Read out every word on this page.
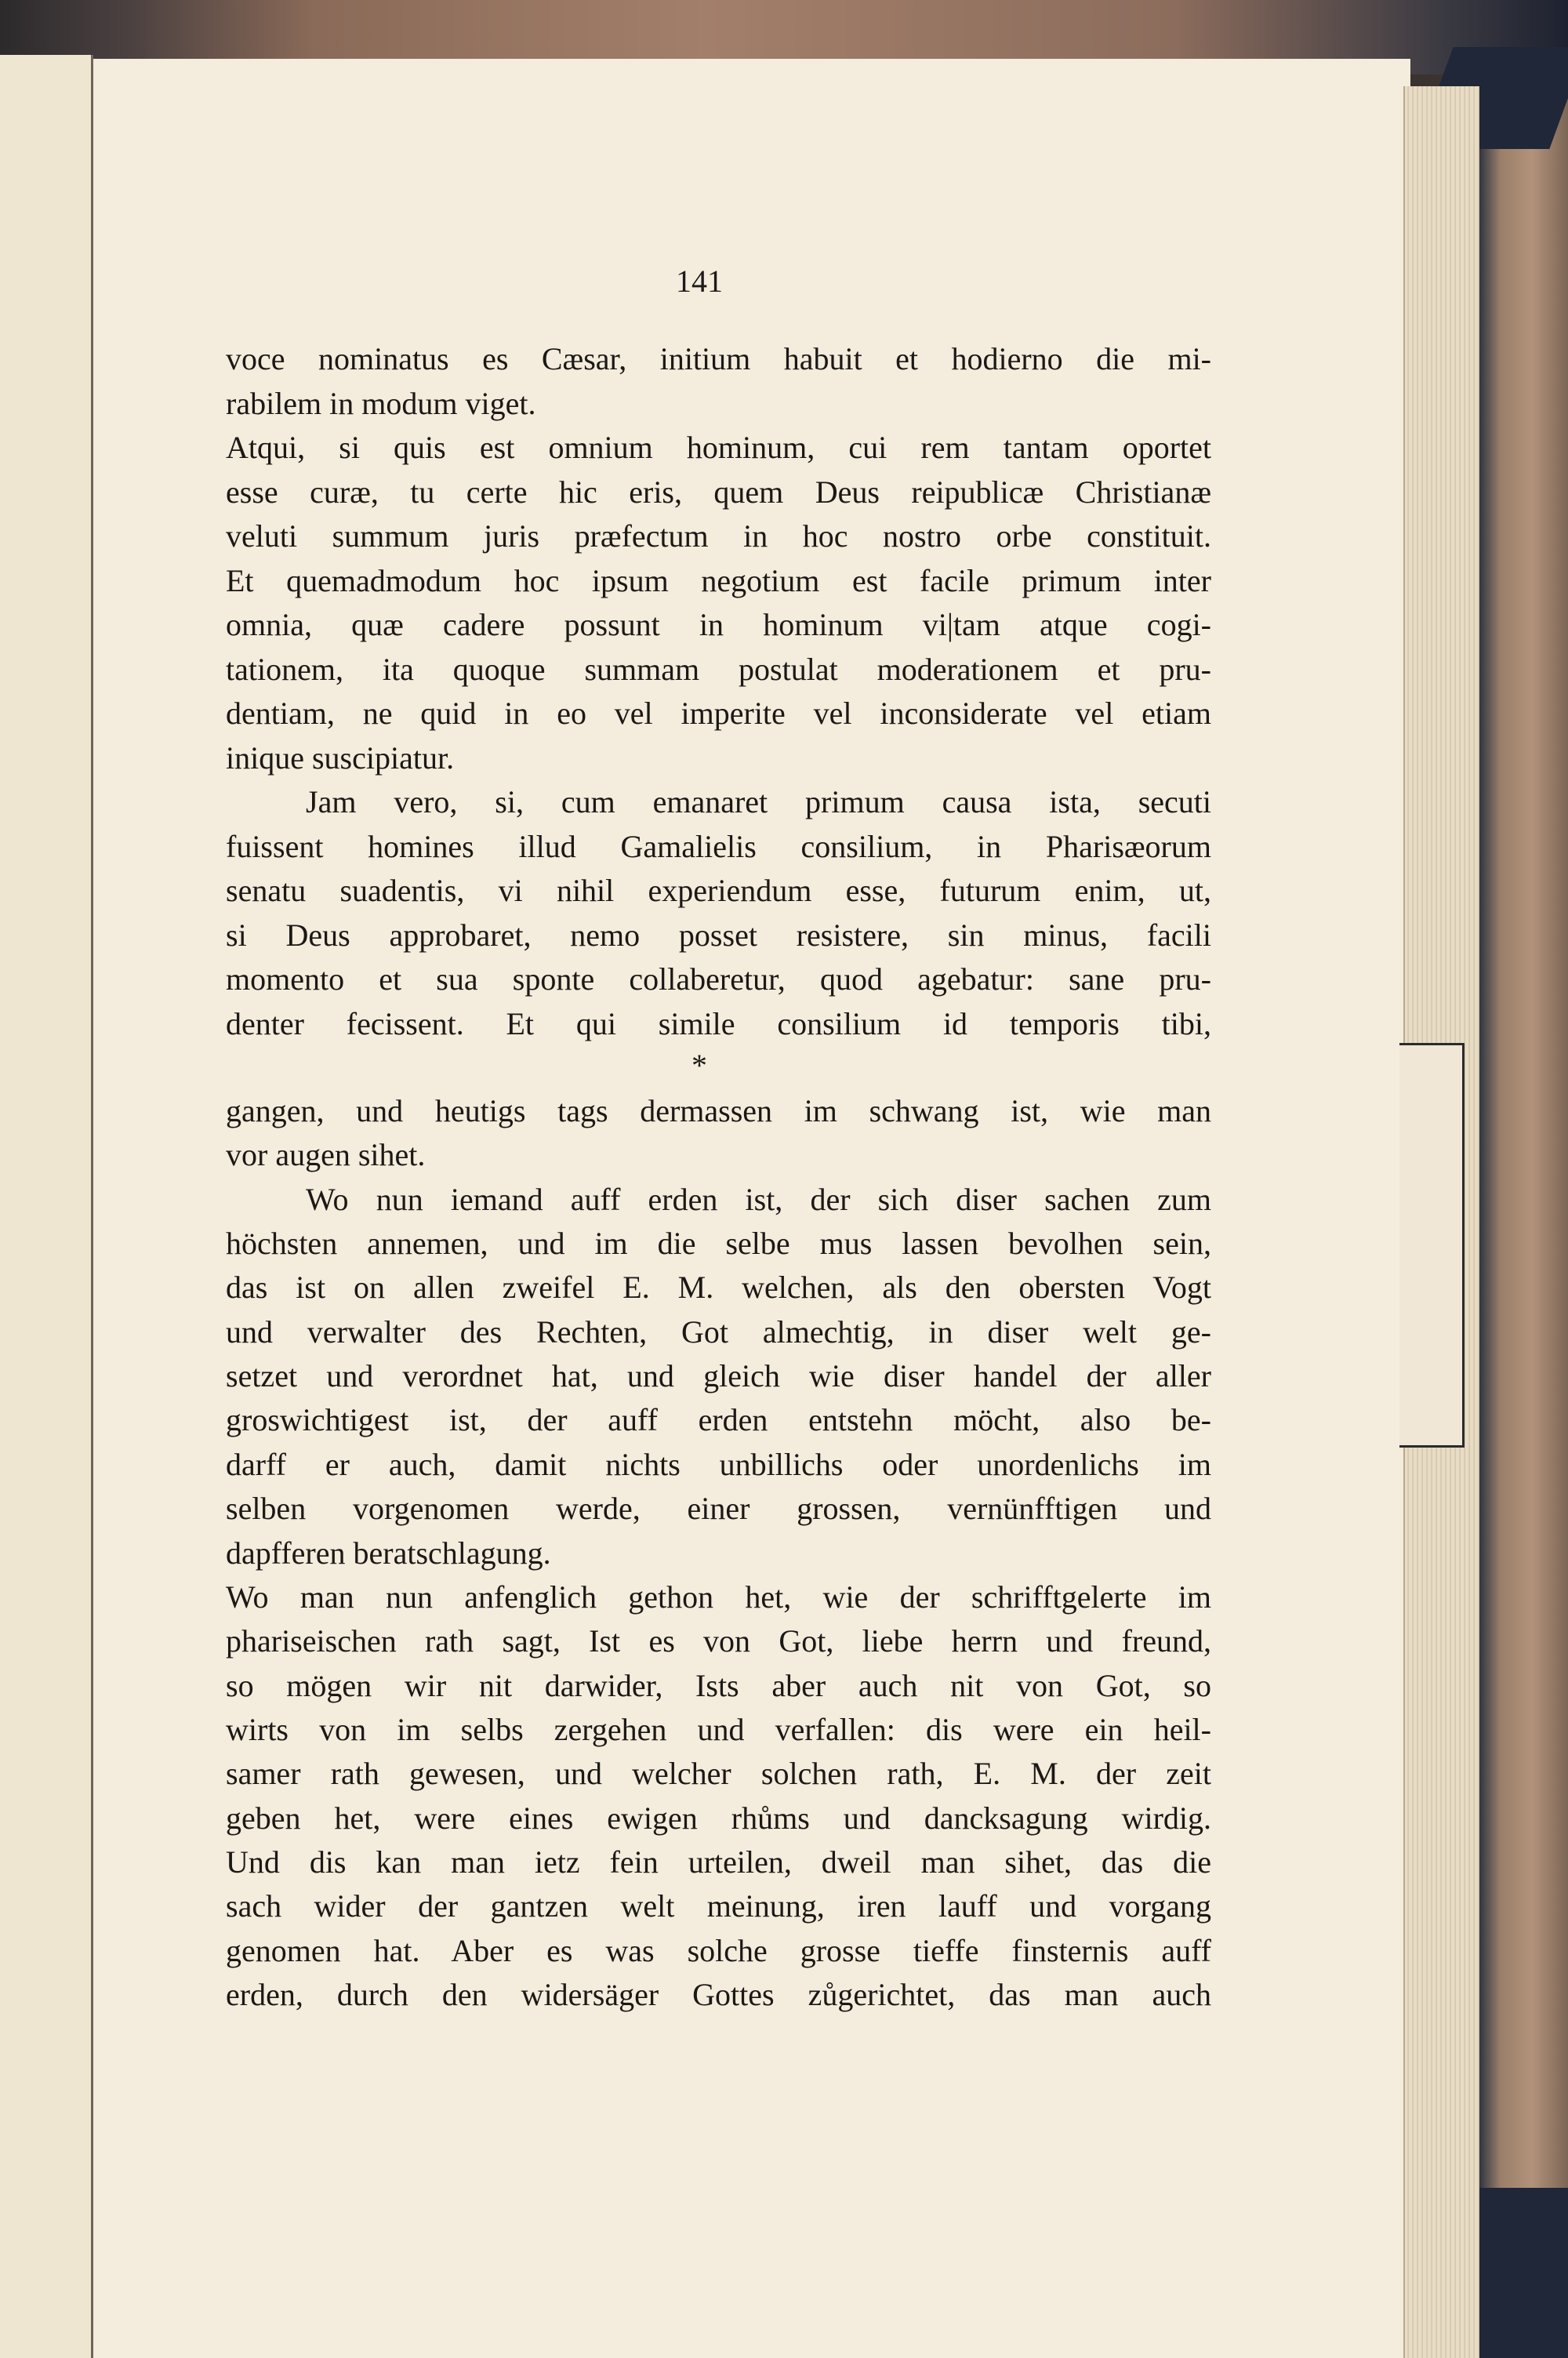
141
*
voce nominatus es Cæsar, initium habuit et hodierno die mi-
rabilem in modum viget.
Atqui, si quis est omnium hominum, cui rem tantam oportet
esse curæ, tu certe hic eris, quem Deus reipublicæ Christianæ
veluti summum juris præfectum in hoc nostro orbe constituit.
Et quemadmodum hoc ipsum negotium est facile primum inter
omnia, quæ cadere possunt in hominum vi|tam atque cogi-
tationem, ita quoque summam postulat moderationem et pru-
dentiam, ne quid in eo vel imperite vel inconsiderate vel etiam
inique suscipiatur.
Jam vero, si, cum emanaret primum causa ista, secuti
fuissent homines illud Gamalielis consilium, in Pharisæorum
senatu suadentis, vi nihil experiendum esse, futurum enim, ut,
si Deus approbaret, nemo posset resistere, sin minus, facili
momento et sua sponte collaberetur, quod agebatur: sane pru-
denter fecissent. Et qui simile consilium id temporis tibi,
gangen, und heutigs tags dermassen im schwang ist, wie man
vor augen sihet.
Wo nun iemand auff erden ist, der sich diser sachen zum
höchsten annemen, und im die selbe mus lassen bevolhen sein,
das ist on allen zweifel E. M. welchen, als den obersten Vogt
und verwalter des Rechten, Got almechtig, in diser welt ge-
setzet und verordnet hat, und gleich wie diser handel der aller
groswichtigest ist, der auff erden entstehn möcht, also be-
darff er auch, damit nichts unbillichs oder unordenlichs im
selben vorgenomen werde, einer grossen, vernünfftigen und
dapfferen beratschlagung.
Wo man nun anfenglich gethon het, wie der schrifftgelerte im
phariseischen rath sagt, Ist es von Got, liebe herrn und freund,
so mögen wir nit darwider, Ists aber auch nit von Got, so
wirts von im selbs zergehen und verfallen: dis were ein heil-
samer rath gewesen, und welcher solchen rath, E. M. der zeit
geben het, were eines ewigen rhůms und dancksagung wirdig.
Und dis kan man ietz fein urteilen, dweil man sihet, das die
sach wider der gantzen welt meinung, iren lauff und vorgang
genomen hat. Aber es was solche grosse tieffe finsternis auff
erden, durch den widersäger Gottes zůgerichtet, das man auch
